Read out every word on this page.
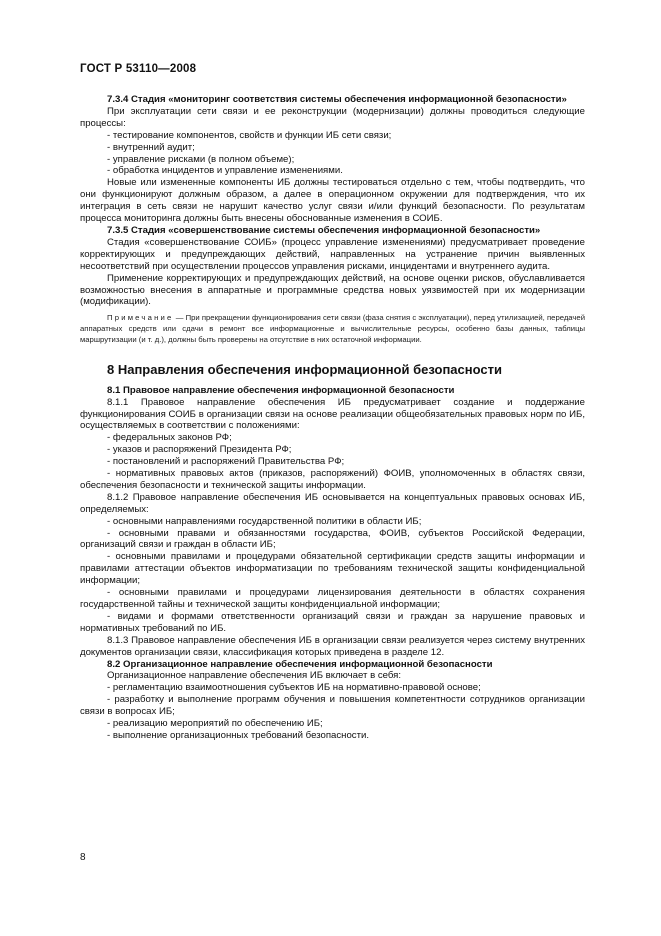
ГОСТ Р 53110—2008

7.3.4 Стадия «мониторинг соответствия системы обеспечения информационной безопасности»

При эксплуатации сети связи и ее реконструкции (модернизации) должны проводиться следующие процессы:

- тестирование компонентов, свойств и функции ИБ сети связи;

- внутренний аудит;

- управление рисками (в полном объеме);

- обработка инцидентов и управление изменениями.

Новые или измененные компоненты ИБ должны тестироваться отдельно с тем, чтобы подтвердить, что они функционируют должным образом, а далее в операционном окружении для подтверждения, что их интеграция в сеть связи не нарушит качество услуг связи и/или функций безопасности. По результатам процесса мониторинга должны быть внесены обоснованные изменения в СОИБ.

7.3.5 Стадия «совершенствование системы обеспечения информационной безопасности»

Стадия «совершенствование СОИБ» (процесс управление изменениями) предусматривает проведение корректирующих и предупреждающих действий, направленных на устранение причин выявленных несоответствий при осуществлении процессов управления рисками, инцидентами и внутреннего аудита.

Применение корректирующих и предупреждающих действий, на основе оценки рисков, обуславливается возможностью внесения в аппаратные и программные средства новых уязвимостей при их модернизации (модификации).

Примечание — При прекращении функционирования сети связи (фаза снятия с эксплуатации), перед утилизацией, передачей аппаратных средств или сдачи в ремонт все информационные и вычислительные ресурсы, особенно базы данных, таблицы маршрутизации (и т. д.), должны быть проверены на отсутствие в них остаточной информации.

8 Направления обеспечения информационной безопасности

8.1 Правовое направление обеспечения информационной безопасности

8.1.1 Правовое направление обеспечения ИБ предусматривает создание и поддержание функционирования СОИБ в организации связи на основе реализации общеобязательных правовых норм по ИБ, осуществляемых в соответствии с положениями:

- федеральных законов РФ;

- указов и распоряжений Президента РФ;

- постановлений и распоряжений Правительства РФ;

- нормативных правовых актов (приказов, распоряжений) ФОИВ, уполномоченных в областях связи, обеспечения безопасности и технической защиты информации.

8.1.2 Правовое направление обеспечения ИБ основывается на концептуальных правовых основах ИБ, определяемых:

- основными направлениями государственной политики в области ИБ;

- основными правами и обязанностями государства, ФОИВ, субъектов Российской Федерации, организаций связи и граждан в области ИБ;

- основными правилами и процедурами обязательной сертификации средств защиты информации и правилами аттестации объектов информатизации по требованиям технической защиты конфиденциальной информации;

- основными правилами и процедурами лицензирования деятельности в областях сохранения государственной тайны и технической защиты конфиденциальной информации;

- видами и формами ответственности организаций связи и граждан за нарушение правовых и нормативных требований по ИБ.

8.1.3 Правовое направление обеспечения ИБ в организации связи реализуется через систему внутренних документов организации связи, классификация которых приведена в разделе 12.

8.2 Организационное направление обеспечения информационной безопасности

Организационное направление обеспечения ИБ включает в себя:

- регламентацию взаимоотношения субъектов ИБ на нормативно-правовой основе;

- разработку и выполнение программ обучения и повышения компетентности сотрудников организации связи в вопросах ИБ;

- реализацию мероприятий по обеспечению ИБ;

- выполнение организационных требований безопасности.

8
